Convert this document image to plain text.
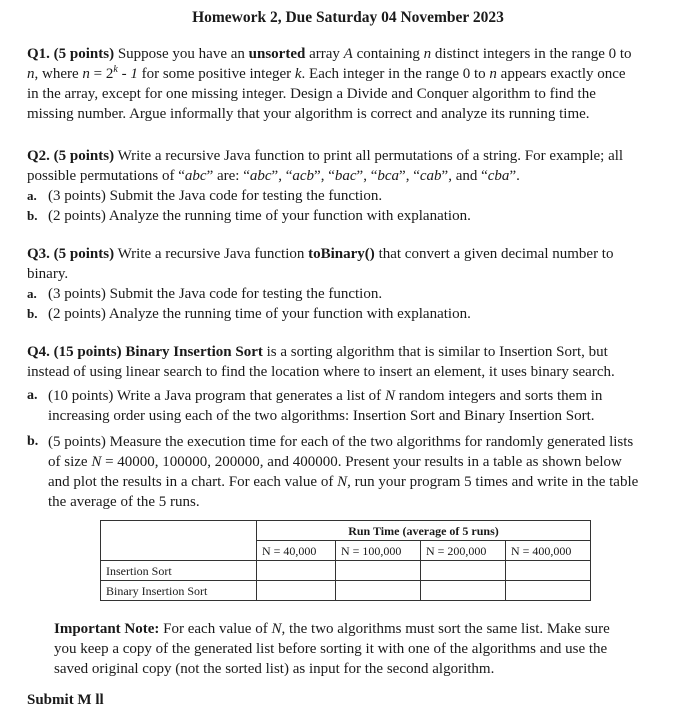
Homework 2, Due Saturday 04 November 2023

Q1. (5 points) Suppose you have an unsorted array A containing n distinct integers in the range 0 to

n, where $n = 2^k - 1$ for some positive integer k. Each integer in the range 0 to n appears exactly once

in the array, except for one missing integer. Design a Divide and Conquer algorithm to find the

missing number. Argue informally that your algorithm is correct and analyze its running time.

Q2. (5 points) Write a recursive Java function to print all permutations of a string. For example; all

possible permutations of “abc” are: “abc”, “acb”, “bac”, “bca”, “cab”, and “cba”.

a. (3 points) Submit the Java code for testing the function.
b. (2 points) Analyze the running time of your function with explanation.

Q3. (5 points) Write a recursive Java function toBinary() that convert a given decimal number to

binary.

a. (3 points) Submit the Java code for testing the function.
b. (2 points) Analyze the running time of your function with explanation.

Q4. (15 points) Binary Insertion Sort is a sorting algorithm that is similar to Insertion Sort, but

instead of using linear search to find the location where to insert an element, it uses binary search.

a. (10 points) Write a Java program that generates a list of N random integers and sorts them in
increasing order using each of the two algorithms: Insertion Sort and Binary Insertion Sort.
b. (5 points) Measure the execution time for each of the two algorithms for randomly generated lists
of size N = 40000, 100000, 200000, and 400000. Present your results in a table as shown below
and plot the results in a chart. For each value of N, run your program 5 times and write in the table
the average of the 5 runs.
	Run Time (average of 5 runs)			
	N = 40,000	N = 100,000	N = 200,000	N = 400,000
Insertion Sort				
Binary Insertion Sort				
Important Note: For each value of N, the two algorithms must sort the same list. Make sure
you keep a copy of the generated list before sorting it with one of the algorithms and use the
saved original copy (not the sorted list) as input for the second algorithm.
Submit M ll
